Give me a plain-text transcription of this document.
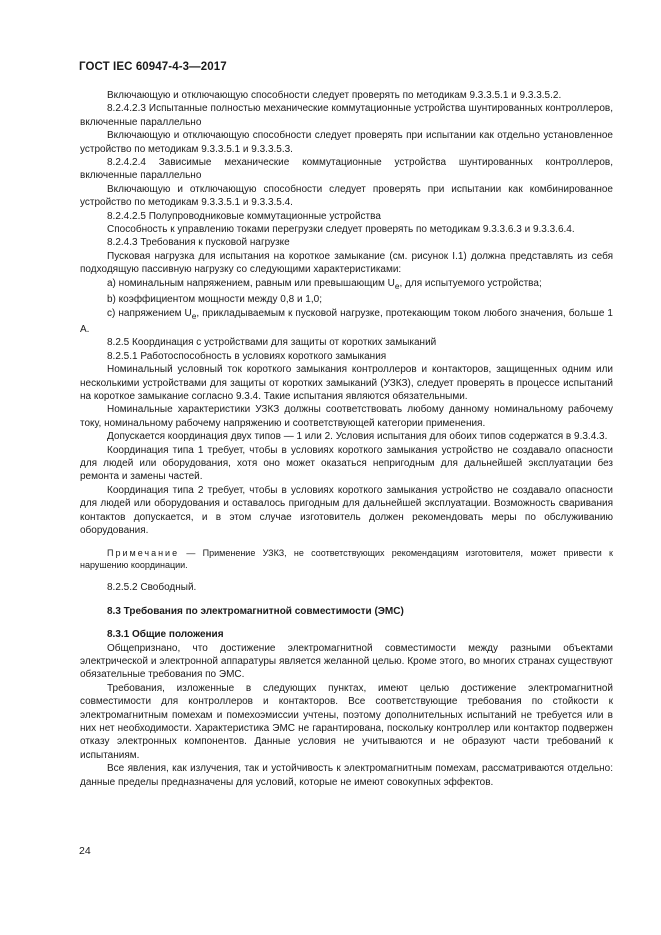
ГОСТ IEC 60947-4-3—2017

Включающую и отключающую способности следует проверять по методикам 9.3.3.5.1 и 9.3.3.5.2.

8.2.4.2.3 Испытанные полностью механические коммутационные устройства шунтированных контроллеров, включенные параллельно

Включающую и отключающую способности следует проверять при испытании как отдельно установленное устройство по методикам 9.3.3.5.1 и 9.3.3.5.3.

8.2.4.2.4 Зависимые механические коммутационные устройства шунтированных контроллеров, включенные параллельно

Включающую и отключающую способности следует проверять при испытании как комбинированное устройство по методикам 9.3.3.5.1 и 9.3.3.5.4.

8.2.4.2.5 Полупроводниковые коммутационные устройства

Способность к управлению токами перегрузки следует проверять по методикам 9.3.3.6.3 и 9.3.3.6.4.

8.2.4.3 Требования к пусковой нагрузке

Пусковая нагрузка для испытания на короткое замыкание (см. рисунок I.1) должна представлять из себя подходящую пассивную нагрузку со следующими характеристиками:

a) номинальным напряжением, равным или превышающим $U_e$, для испытуемого устройства;

b) коэффициентом мощности между 0,8 и 1,0;

c) напряжением $U_e$, прикладываемым к пусковой нагрузке, протекающим током любого значения, больше 1 А.

8.2.5 Координация с устройствами для защиты от коротких замыканий

8.2.5.1 Работоспособность в условиях короткого замыкания

Номинальный условный ток короткого замыкания контроллеров и контакторов, защищенных одним или несколькими устройствами для защиты от коротких замыканий (УЗКЗ), следует проверять в процессе испытаний на короткое замыкание согласно 9.3.4. Такие испытания являются обязательными.

Номинальные характеристики УЗКЗ должны соответствовать любому данному номинальному рабочему току, номинальному рабочему напряжению и соответствующей категории применения.

Допускается координация двух типов — 1 или 2. Условия испытания для обоих типов содержатся в 9.3.4.3.

Координация типа 1 требует, чтобы в условиях короткого замыкания устройство не создавало опасности для людей или оборудования, хотя оно может оказаться непригодным для дальнейшей эксплуатации без ремонта и замены частей.

Координация типа 2 требует, чтобы в условиях короткого замыкания устройство не создавало опасности для людей или оборудования и оставалось пригодным для дальнейшей эксплуатации. Возможность сваривания контактов допускается, и в этом случае изготовитель должен рекомендовать меры по обслуживанию оборудования.

Примечание — Применение УЗКЗ, не соответствующих рекомендациям изготовителя, может привести к нарушению координации.

8.2.5.2 Свободный.

8.3 Требования по электромагнитной совместимости (ЭМС)

8.3.1 Общие положения

Общепризнано, что достижение электромагнитной совместимости между разными объектами электрической и электронной аппаратуры является желанной целью. Кроме этого, во многих странах существуют обязательные требования по ЭМС.

Требования, изложенные в следующих пунктах, имеют целью достижение электромагнитной совместимости для контроллеров и контакторов. Все соответствующие требования по стойкости к электромагнитным помехам и помехоэмиссии учтены, поэтому дополнительных испытаний не требуется или в них нет необходимости. Характеристика ЭМС не гарантирована, поскольку контроллер или контактор подвержен отказу электронных компонентов. Данные условия не учитываются и не образуют части требований к испытаниям.

Все явления, как излучения, так и устойчивость к электромагнитным помехам, рассматриваются отдельно: данные пределы предназначены для условий, которые не имеют совокупных эффектов.

24
